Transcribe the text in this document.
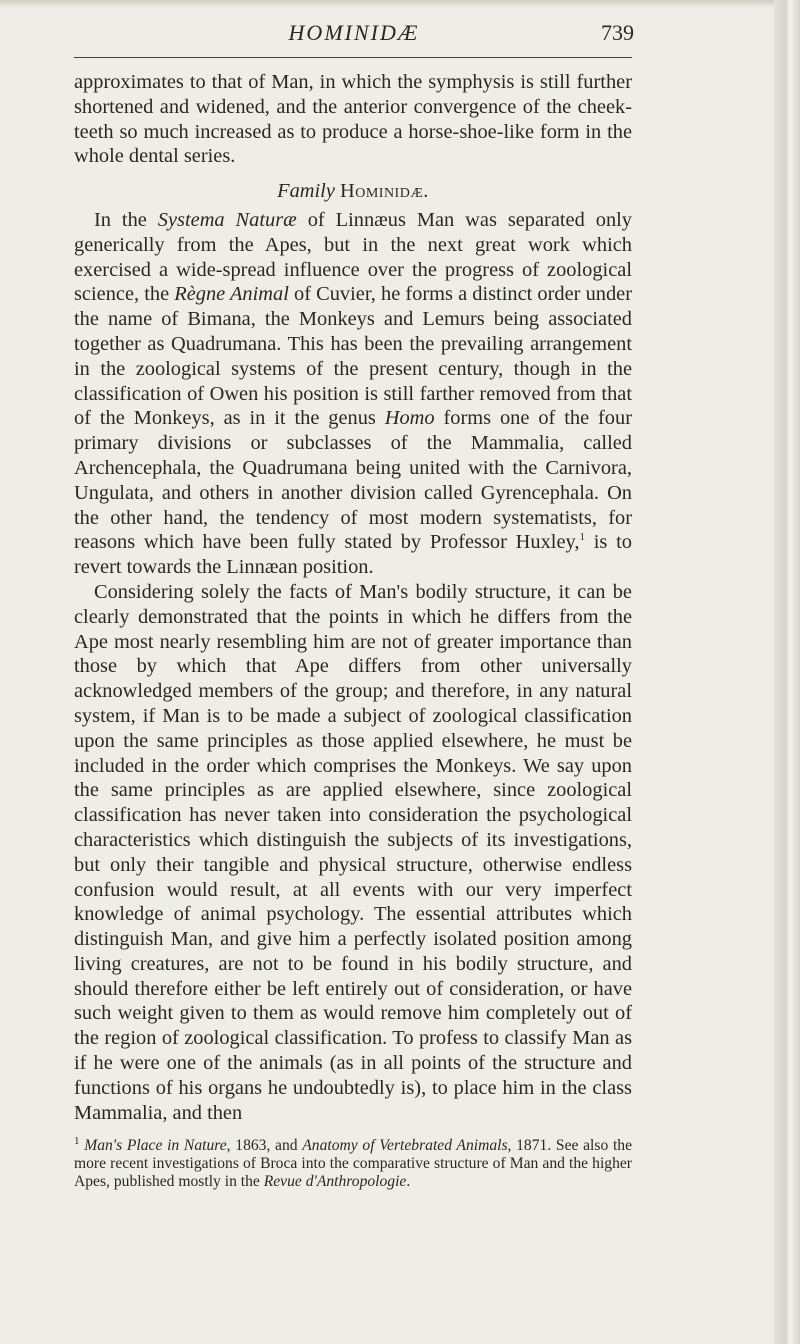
HOMINIDÆ	739

approximates to that of Man, in which the symphysis is still further shortened and widened, and the anterior convergence of the cheek-teeth so much increased as to produce a horse-shoe-like form in the whole dental series.

Family Hominidæ.

In the Systema Naturæ of Linnæus Man was separated only generically from the Apes, but in the next great work which exercised a wide-spread influence over the progress of zoological science, the Règne Animal of Cuvier, he forms a distinct order under the name of Bimana, the Monkeys and Lemurs being associated together as Quadrumana. This has been the prevailing arrangement in the zoological systems of the present century, though in the classification of Owen his position is still farther removed from that of the Monkeys, as in it the genus Homo forms one of the four primary divisions or subclasses of the Mammalia, called Archencephala, the Quadrumana being united with the Carnivora, Ungulata, and others in another division called Gyrencephala. On the other hand, the tendency of most modern systematists, for reasons which have been fully stated by Professor Huxley,$^1$ is to revert towards the Linnæan position.

Considering solely the facts of Man's bodily structure, it can be clearly demonstrated that the points in which he differs from the Ape most nearly resembling him are not of greater importance than those by which that Ape differs from other universally acknowledged members of the group; and therefore, in any natural system, if Man is to be made a subject of zoological classification upon the same principles as those applied elsewhere, he must be included in the order which comprises the Monkeys. We say upon the same principles as are applied elsewhere, since zoological classification has never taken into consideration the psychological characteristics which distinguish the subjects of its investigations, but only their tangible and physical structure, otherwise endless confusion would result, at all events with our very imperfect knowledge of animal psychology. The essential attributes which distinguish Man, and give him a perfectly isolated position among living creatures, are not to be found in his bodily structure, and should therefore either be left entirely out of consideration, or have such weight given to them as would remove him completely out of the region of zoological classification. To profess to classify Man as if he were one of the animals (as in all points of the structure and functions of his organs he undoubtedly is), to place him in the class Mammalia, and then

$^1$ Man's Place in Nature, 1863, and Anatomy of Vertebrated Animals, 1871. See also the more recent investigations of Broca into the comparative structure of Man and the higher Apes, published mostly in the Revue d'Anthropologie.
